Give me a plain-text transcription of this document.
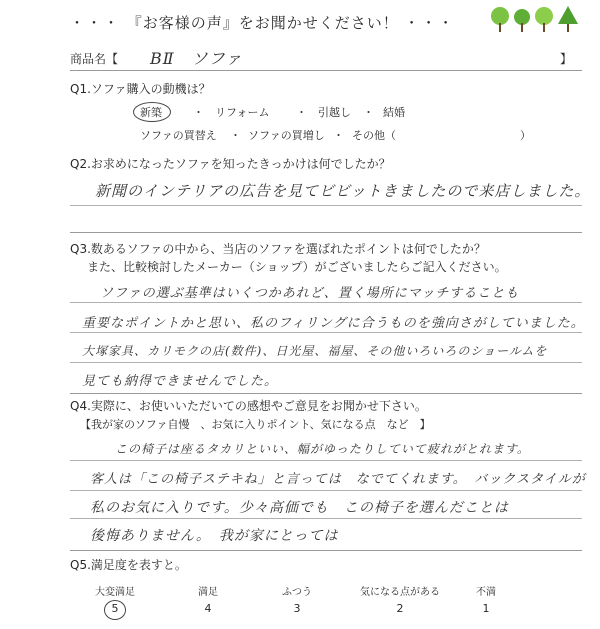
・・・ 『お客様の声』をお聞かせください！ ・・・
商品名【 BⅡ　ソファ	】
Q1.ソファ購入の動機は？
新築	・ リフォーム ・ 引越し ・ 結婚
ソファの買替え ・ ソファの買増し ・ その他（	）
Q2.お求めになったソファを知ったきっかけは何でしたか？
新聞のインテリアの広告を見てビビットきましたので来店しました。
Q3.数あるソファの中から、当店のソファを選ばれたポイントは何でしたか？
また、比較検討したメーカー（ショップ）がございましたらご記入ください。
ソファの選ぶ基準はいくつかあれど、置く場所にマッチすることも
重要なポイントかと思い、私のフィリングに合うものを強向さがしていました。
大塚家具、カリモクの店(数件)、日光屋、福屋、その他いろいろのショールムを
見ても納得できませんでした。
Q4.実際に、お使いいただいての感想やご意見をお聞かせ下さい。
【我が家のソファ自慢　、お気に入りポイント、気になる点　など　】
この椅子は座るタカリといい、幅がゆったりしていて疲れがとれます。
客人は「この椅子ステキね」と言っては　なでてくれます。　バックスタイルが
私のお気に入りです。少々高価でも　この椅子を選んだことは
後悔ありません。　我が家にとっては
Q5.満足度を表すと。
大変満足	満足	ふつう	気になる点がある	不満
5	4	3	2	1
